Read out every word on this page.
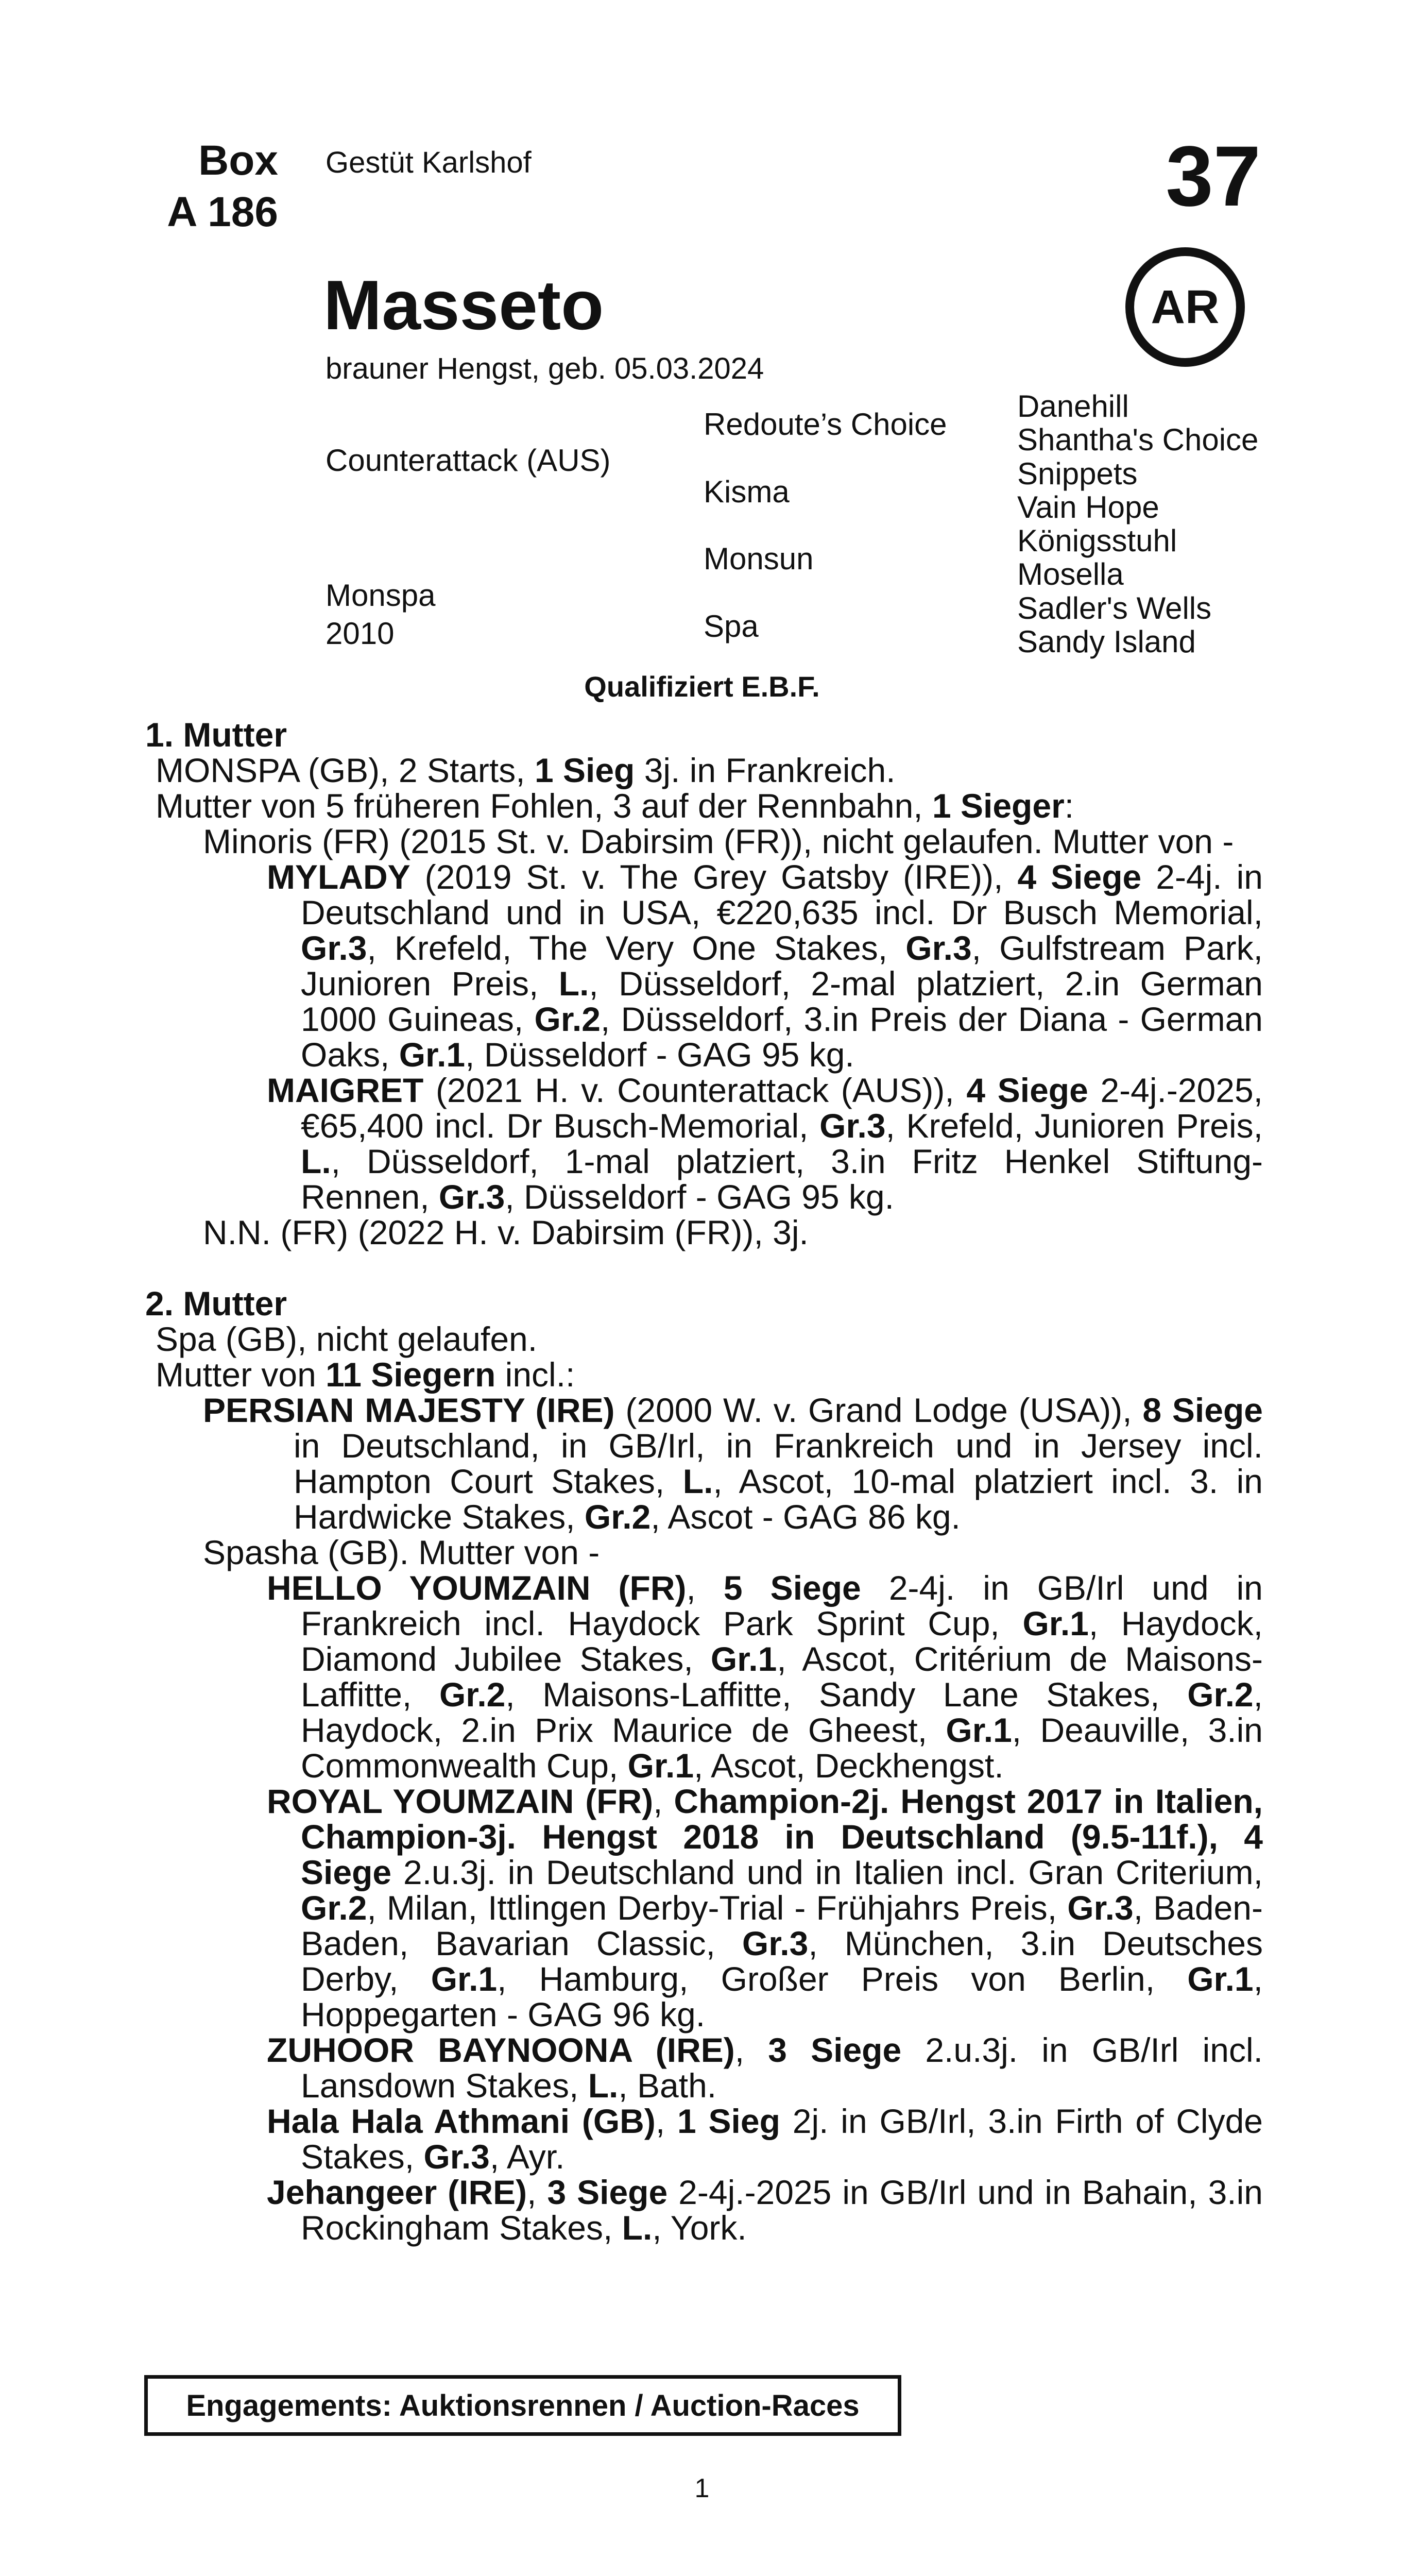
Box
A 186
Gestüt Karlshof	37
AR
Masseto
brauner Hengst, geb. 05.03.2024
Counterattack (AUS)
Monspa
2010
Redoute’s Choice
Kisma
Monsun
Spa
Danehill
Shantha's Choice
Snippets
Vain Hope
Königsstuhl
Mosella
Sadler's Wells
Sandy Island
Qualifiziert E.B.F.
1. Mutter
MONSPA (GB), 2 Starts, 1 Sieg 3j. in Frankreich.
Mutter von 5 früheren Fohlen, 3 auf der Rennbahn, 1 Sieger:
Minoris (FR) (2015 St. v. Dabirsim (FR)), nicht gelaufen. Mutter von -
MYLADY (2019 St. v. The Grey Gatsby (IRE)), 4 Siege 2-4j. in Deutschland und in USA, €220,635 incl. Dr Busch Memorial, Gr.3, Krefeld, The Very One Stakes, Gr.3, Gulfstream Park, Junioren Preis, L., Düsseldorf, 2-mal platziert, 2.in German 1000 Guineas, Gr.2, Düsseldorf, 3.in Preis der Diana - German Oaks, Gr.1, Düsseldorf - GAG 95 kg.
MAIGRET (2021 H. v. Counterattack (AUS)), 4 Siege 2-4j.-2025, €65,400 incl. Dr Busch-Memorial, Gr.3, Krefeld, Junioren Preis, L., Düsseldorf, 1-mal platziert, 3.in Fritz Henkel Stiftung-Rennen, Gr.3, Düsseldorf - GAG 95 kg.
N.N. (FR) (2022 H. v. Dabirsim (FR)), 3j.
2. Mutter
Spa (GB), nicht gelaufen.
Mutter von 11 Siegern incl.:
PERSIAN MAJESTY (IRE) (2000 W. v. Grand Lodge (USA)), 8 Siege in Deutschland, in GB/Irl, in Frankreich und in Jersey incl. Hampton Court Stakes, L., Ascot, 10-mal platziert incl. 3. in Hardwicke Stakes, Gr.2, Ascot - GAG 86 kg.
Spasha (GB). Mutter von -
HELLO YOUMZAIN (FR), 5 Siege 2-4j. in GB/Irl und in Frankreich incl. Haydock Park Sprint Cup, Gr.1, Haydock, Diamond Jubilee Stakes, Gr.1, Ascot, Critérium de Maisons-Laffitte, Gr.2, Maisons-Laffitte, Sandy Lane Stakes, Gr.2, Haydock, 2.in Prix Maurice de Gheest, Gr.1, Deauville, 3.in Commonwealth Cup, Gr.1, Ascot, Deckhengst.
ROYAL YOUMZAIN (FR), Champion-2j. Hengst 2017 in Italien, Champion-3j. Hengst 2018 in Deutschland (9.5-11f.), 4 Siege 2.u.3j. in Deutschland und in Italien incl. Gran Criterium, Gr.2, Milan, Ittlingen Derby-Trial - Frühjahrs Preis, Gr.3, Baden-Baden, Bavarian Classic, Gr.3, München, 3.in Deutsches Derby, Gr.1, Hamburg, Großer Preis von Berlin, Gr.1, Hoppegarten - GAG 96 kg.
ZUHOOR BAYNOONA (IRE), 3 Siege 2.u.3j. in GB/Irl incl. Lansdown Stakes, L., Bath.
Hala Hala Athmani (GB), 1 Sieg 2j. in GB/Irl, 3.in Firth of Clyde Stakes, Gr.3, Ayr.
Jehangeer (IRE), 3 Siege 2-4j.-2025 in GB/Irl und in Bahain, 3.in Rockingham Stakes, L., York.
Engagements: Auktionsrennen / Auction-Races
1
